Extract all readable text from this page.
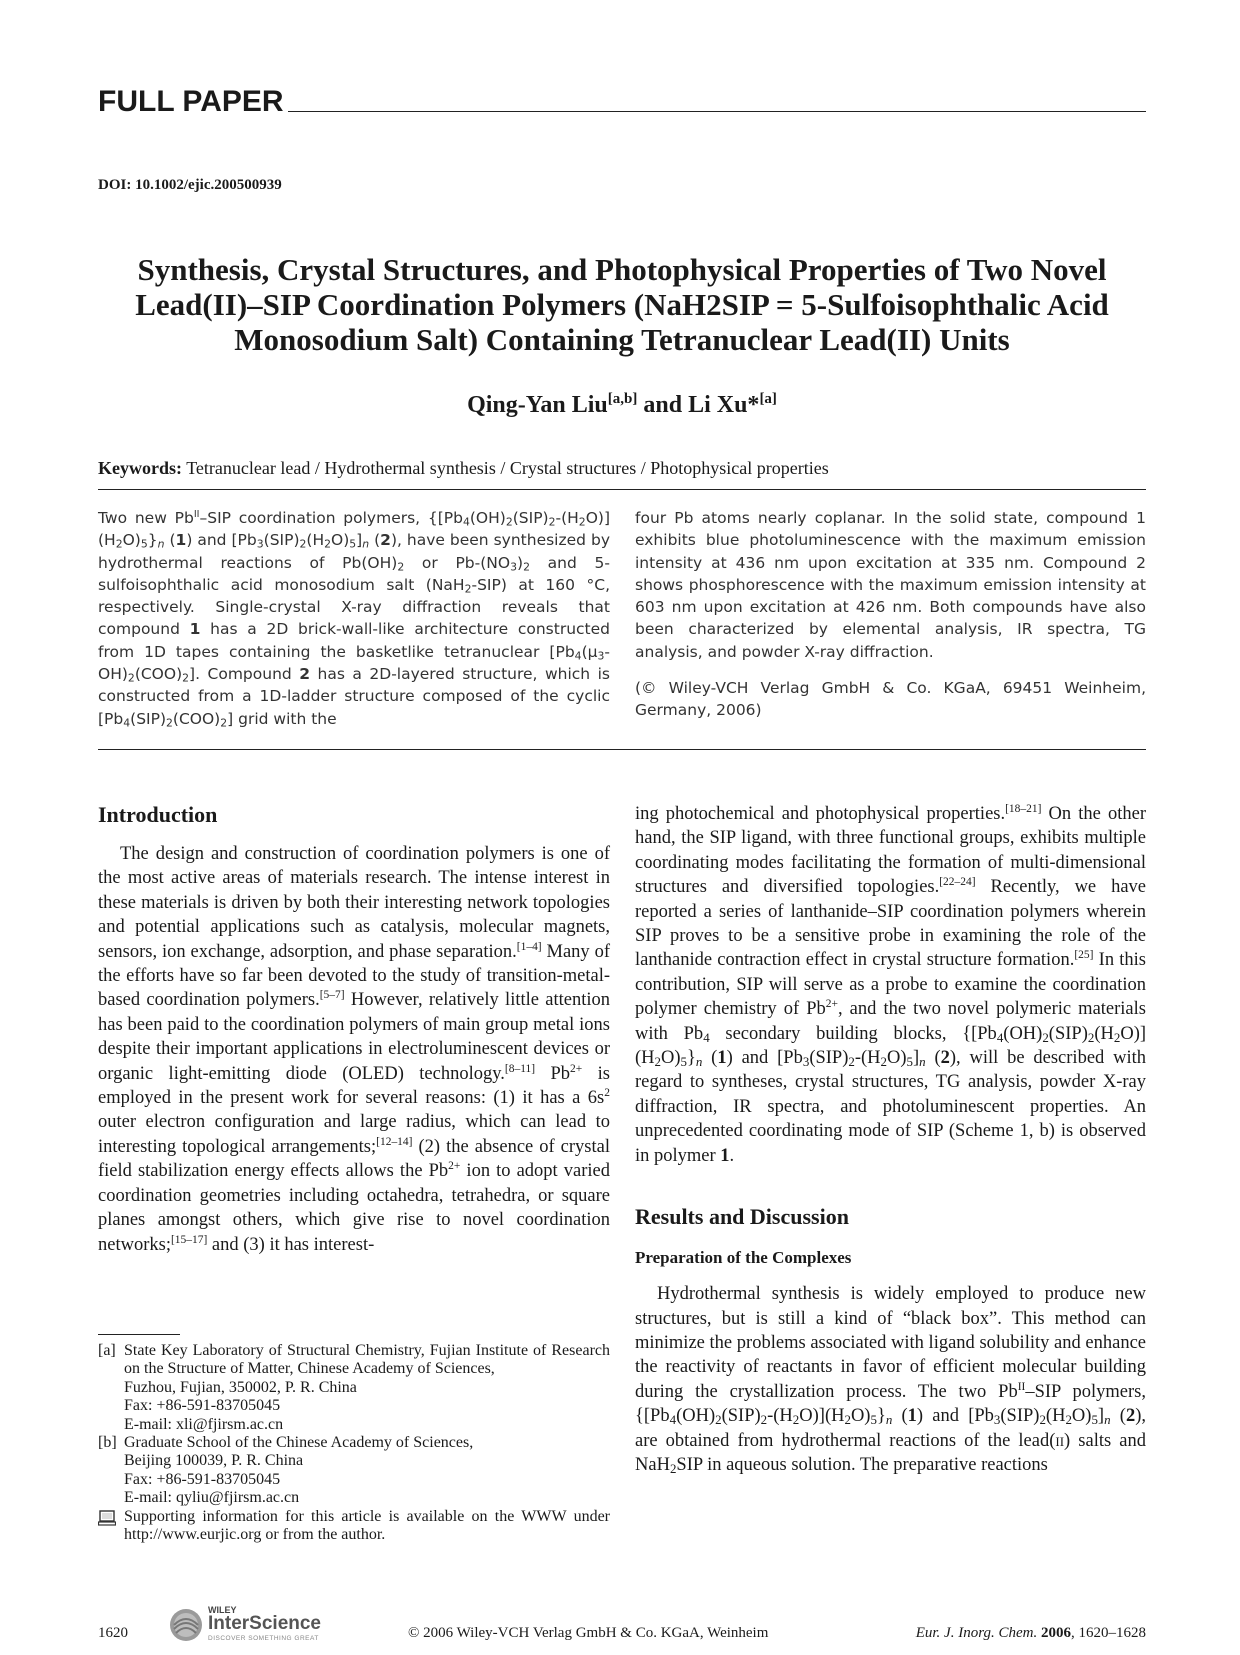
FULL PAPER
DOI: 10.1002/ejic.200500939
Synthesis, Crystal Structures, and Photophysical Properties of Two Novel
Lead(II)–SIP Coordination Polymers (NaH2SIP = 5-Sulfoisophthalic Acid
Monosodium Salt) Containing Tetranuclear Lead(II) Units
Qing-Yan Liu[a,b] and Li Xu*[a]
Keywords: Tetranuclear lead / Hydrothermal synthesis / Crystal structures / Photophysical properties

Two new $Pb^{II}$–SIP coordination polymers, $\{[Pb_4(OH)_2(SIP)_2-(H_2O)](H_2O)_5\}_n$ (1) and $[Pb_3(SIP)_2(H_2O)_5]_n$ (2), have been synthesized by hydrothermal reactions of $Pb(OH)_2$ or $Pb-(NO_3)_2$ and 5-sulfoisophthalic acid monosodium salt (NaH$_2$-SIP) at 160 °C, respectively. Single-crystal X-ray diffraction reveals that compound 1 has a 2D brick-wall-like architecture constructed from 1D tapes containing the basketlike tetranuclear $[Pb_4(\mu_3-OH)_2(COO)_2]$. Compound 2 has a 2D-layered structure, which is constructed from a 1D-ladder structure composed of the cyclic $[Pb_4(SIP)_2(COO)_2]$ grid with the

four Pb atoms nearly coplanar. In the solid state, compound 1 exhibits blue photoluminescence with the maximum emission intensity at 436 nm upon excitation at 335 nm. Compound 2 shows phosphorescence with the maximum emission intensity at 603 nm upon excitation at 426 nm. Both compounds have also been characterized by elemental analysis, IR spectra, TG analysis, and powder X-ray diffraction.

(© Wiley-VCH Verlag GmbH & Co. KGaA, 69451 Weinheim, Germany, 2006)

Introduction

The design and construction of coordination polymers is one of the most active areas of materials research. The intense interest in these materials is driven by both their interesting network topologies and potential applications such as catalysis, molecular magnets, sensors, ion exchange, adsorption, and phase separation.[1–4] Many of the efforts have so far been devoted to the study of transition-metal-based coordination polymers.[5–7] However, relatively little attention has been paid to the coordination polymers of main group metal ions despite their important applications in electroluminescent devices or organic light-emitting diode (OLED) technology.[8–11] $Pb^{2+}$ is employed in the present work for several reasons: (1) it has a $6s^2$ outer electron configuration and large radius, which can lead to interesting topological arrangements;[12–14] (2) the absence of crystal field stabilization energy effects allows the $Pb^{2+}$ ion to adopt varied coordination geometries including octahedra, tetrahedra, or square planes amongst others, which give rise to novel coordination networks;[15–17] and (3) it has interest-

ing photochemical and photophysical properties.[18–21] On the other hand, the SIP ligand, with three functional groups, exhibits multiple coordinating modes facilitating the formation of multi-dimensional structures and diversified topologies.[22–24] Recently, we have reported a series of lanthanide–SIP coordination polymers wherein SIP proves to be a sensitive probe in examining the role of the lanthanide contraction effect in crystal structure formation.[25] In this contribution, SIP will serve as a probe to examine the coordination polymer chemistry of $Pb^{2+}$, and the two novel polymeric materials with $Pb_4$ secondary building blocks, $\{[Pb_4(OH)_2(SIP)_2(H_2O)](H_2O)_5\}_n$ (1) and $[Pb_3(SIP)_2-(H_2O)_5]_n$ (2), will be described with regard to syntheses, crystal structures, TG analysis, powder X-ray diffraction, IR spectra, and photoluminescent properties. An unprecedented coordinating mode of SIP (Scheme 1, b) is observed in polymer 1.

Results and Discussion
Preparation of the Complexes

Hydrothermal synthesis is widely employed to produce new structures, but is still a kind of “black box”. This method can minimize the problems associated with ligand solubility and enhance the reactivity of reactants in favor of efficient molecular building during the crystallization process. The two $Pb^{II}$–SIP polymers, $\{[Pb_4(OH)_2(SIP)_2-(H_2O)](H_2O)_5\}_n$ (1) and $[Pb_3(SIP)_2(H_2O)_5]_n$ (2), are obtained from hydrothermal reactions of the lead(ii) salts and NaH$_2$SIP in aqueous solution. The preparative reactions

[a] State Key Laboratory of Structural Chemistry, Fujian Institute of Research on the Structure of Matter, Chinese Academy of Sciences,
Fuzhou, Fujian, 350002, P. R. China
Fax: +86-591-83705045
E-mail: xli@fjirsm.ac.cn
[b] Graduate School of the Chinese Academy of Sciences,
Beijing 100039, P. R. China
Fax: +86-591-83705045
E-mail: qyliu@fjirsm.ac.cn
Supporting information for this article is available on the WWW under http://www.eurjic.org or from the author.
1620
WILEY
InterScience
DISCOVER SOMETHING GREAT	© 2006 Wiley-VCH Verlag GmbH & Co. KGaA, Weinheim	Eur. J. Inorg. Chem. 2006, 1620–1628
